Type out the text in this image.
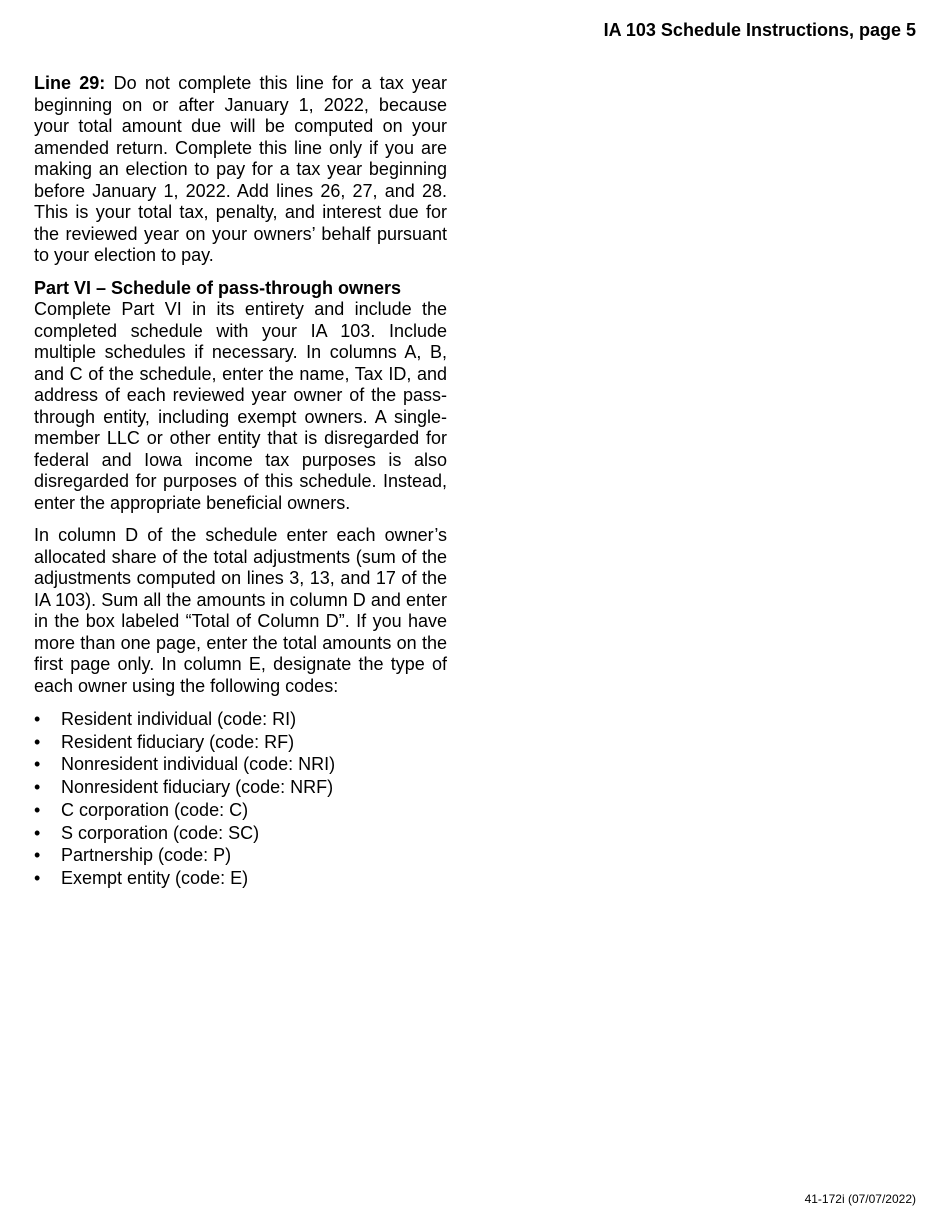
IA 103 Schedule Instructions, page 5

Line 29: Do not complete this line for a tax year beginning on or after January 1, 2022, because your total amount due will be computed on your amended return. Complete this line only if you are making an election to pay for a tax year beginning before January 1, 2022. Add lines 26, 27, and 28. This is your total tax, penalty, and interest due for the reviewed year on your owners’ behalf pursuant to your election to pay.

Part VI – Schedule of pass-through owners

Complete Part VI in its entirety and include the completed schedule with your IA 103. Include multiple schedules if necessary. In columns A, B, and C of the schedule, enter the name, Tax ID, and address of each reviewed year owner of the pass-through entity, including exempt owners. A single-member LLC or other entity that is disregarded for federal and Iowa income tax purposes is also disregarded for purposes of this schedule. Instead, enter the appropriate beneficial owners.

In column D of the schedule enter each owner’s allocated share of the total adjustments (sum of the adjustments computed on lines 3, 13, and 17 of the IA 103). Sum all the amounts in column D and enter in the box labeled “Total of Column D”. If you have more than one page, enter the total amounts on the first page only. In column E, designate the type of each owner using the following codes:

• Resident individual (code: RI)
• Resident fiduciary (code: RF)
• Nonresident individual (code: NRI)
• Nonresident fiduciary (code: NRF)
• C corporation (code: C)
• S corporation (code: SC)
• Partnership (code: P)
• Exempt entity (code: E)
41-172i (07/07/2022)
